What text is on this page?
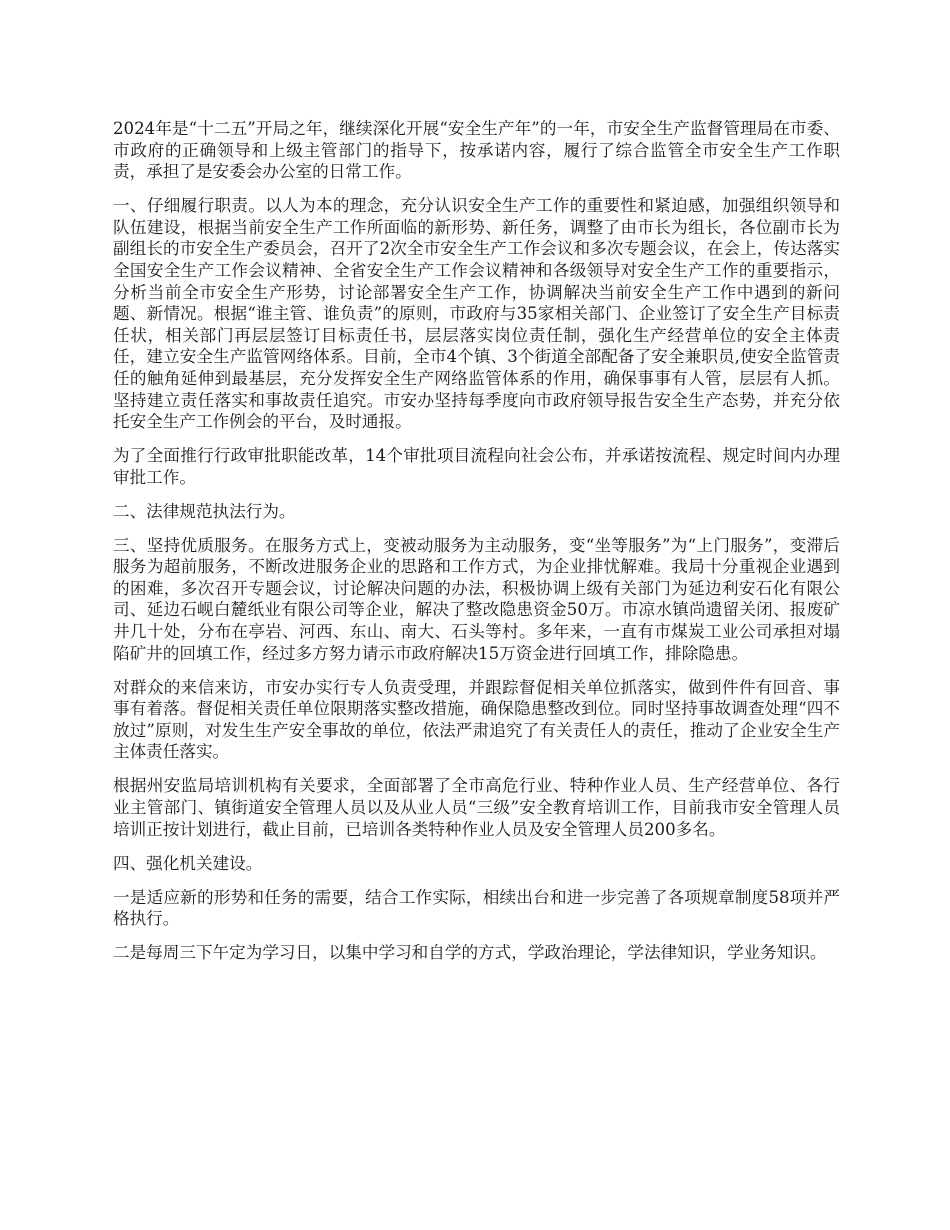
2024年是“十二五”开局之年，继续深化开展“安全生产年”的一年，市安全生产监督管理局在市委、市政府的正确领导和上级主管部门的指导下，按承诺内容，履行了综合监管全市安全生产工作职责，承担了是安委会办公室的日常工作。

一、仔细履行职责。以人为本的理念，充分认识安全生产工作的重要性和紧迫感，加强组织领导和队伍建设，根据当前安全生产工作所面临的新形势、新任务，调整了由市长为组长，各位副市长为副组长的市安全生产委员会，召开了2次全市安全生产工作会议和多次专题会议，在会上，传达落实全国安全生产工作会议精神、全省安全生产工作会议精神和各级领导对安全生产工作的重要指示，分析当前全市安全生产形势，讨论部署安全生产工作，协调解决当前安全生产工作中遇到的新问题、新情况。根据“谁主管、谁负责”的原则，市政府与35家相关部门、企业签订了安全生产目标责任状，相关部门再层层签订目标责任书，层层落实岗位责任制，强化生产经营单位的安全主体责任，建立安全生产监管网络体系。目前，全市4个镇、3个街道全部配备了安全兼职员,使安全监管责任的触角延伸到最基层，充分发挥安全生产网络监管体系的作用，确保事事有人管，层层有人抓。坚持建立责任落实和事故责任追究。市安办坚持每季度向市政府领导报告安全生产态势，并充分依托安全生产工作例会的平台，及时通报。

为了全面推行行政审批职能改革，14个审批项目流程向社会公布，并承诺按流程、规定时间内办理审批工作。

二、法律规范执法行为。

三、坚持优质服务。在服务方式上，变被动服务为主动服务，变“坐等服务”为“上门服务”，变滞后服务为超前服务，不断改进服务企业的思路和工作方式，为企业排忧解难。我局十分重视企业遇到的困难，多次召开专题会议，讨论解决问题的办法，积极协调上级有关部门为延边利安石化有限公司、延边石岘白麓纸业有限公司等企业，解决了整改隐患资金50万。市凉水镇尚遗留关闭、报废矿井几十处，分布在亭岩、河西、东山、南大、石头等村。多年来，一直有市煤炭工业公司承担对塌陷矿井的回填工作，经过多方努力请示市政府解决15万资金进行回填工作，排除隐患。

对群众的来信来访，市安办实行专人负责受理，并跟踪督促相关单位抓落实，做到件件有回音、事事有着落。督促相关责任单位限期落实整改措施，确保隐患整改到位。同时坚持事故调查处理“四不放过”原则，对发生生产安全事故的单位，依法严肃追究了有关责任人的责任，推动了企业安全生产主体责任落实。

根据州安监局培训机构有关要求，全面部署了全市高危行业、特种作业人员、生产经营单位、各行业主管部门、镇街道安全管理人员以及从业人员“三级”安全教育培训工作，目前我市安全管理人员培训正按计划进行，截止目前，已培训各类特种作业人员及安全管理人员200多名。

四、强化机关建设。

一是适应新的形势和任务的需要，结合工作实际，相续出台和进一步完善了各项规章制度58项并严格执行。

二是每周三下午定为学习日，以集中学习和自学的方式，学政治理论，学法律知识，学业务知识。
